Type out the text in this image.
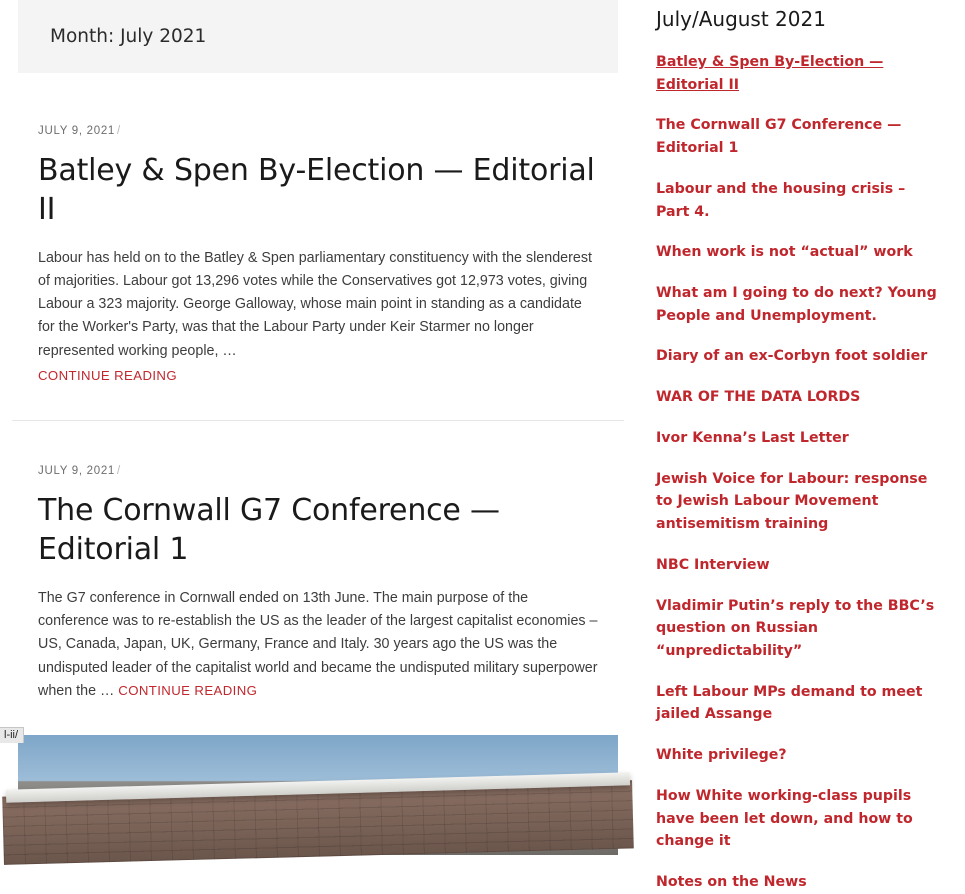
Month: July 2021
JULY 9, 2021 /
Batley & Spen By-Election — Editorial II

Labour has held on to the Batley & Spen parliamentary constituency with the slenderest of majorities. Labour got 13,296 votes while the Conservatives got 12,973 votes, giving Labour a 323 majority. George Galloway, whose main point in standing as a candidate for the Worker's Party, was that the Labour Party under Keir Starmer no longer represented working people, …
CONTINUE READING

JULY 9, 2021 /
The Cornwall G7 Conference — Editorial 1

The G7 conference in Cornwall ended on 13th June. The main purpose of the conference was to re-establish the US as the leader of the largest capitalist economies – US, Canada, Japan, UK, Germany, France and Italy. 30 years ago the US was the undisputed leader of the capitalist world and became the undisputed military superpower when the … CONTINUE READING

July/August 2021
Batley & Spen By-Election — Editorial II
The Cornwall G7 Conference — Editorial 1
Labour and the housing crisis – Part 4.
When work is not “actual” work
What am I going to do next? Young People and Unemployment.
Diary of an ex-Corbyn foot soldier
WAR OF THE DATA LORDS
Ivor Kenna’s Last Letter
Jewish Voice for Labour: response to Jewish Labour Movement antisemitism training
NBC Interview
Vladimir Putin’s reply to the BBC’s question on Russian “unpredictability”
Left Labour MPs demand to meet jailed Assange
White privilege?
How White working-class pupils have been let down, and how to change it
Notes on the News
l-ii/
